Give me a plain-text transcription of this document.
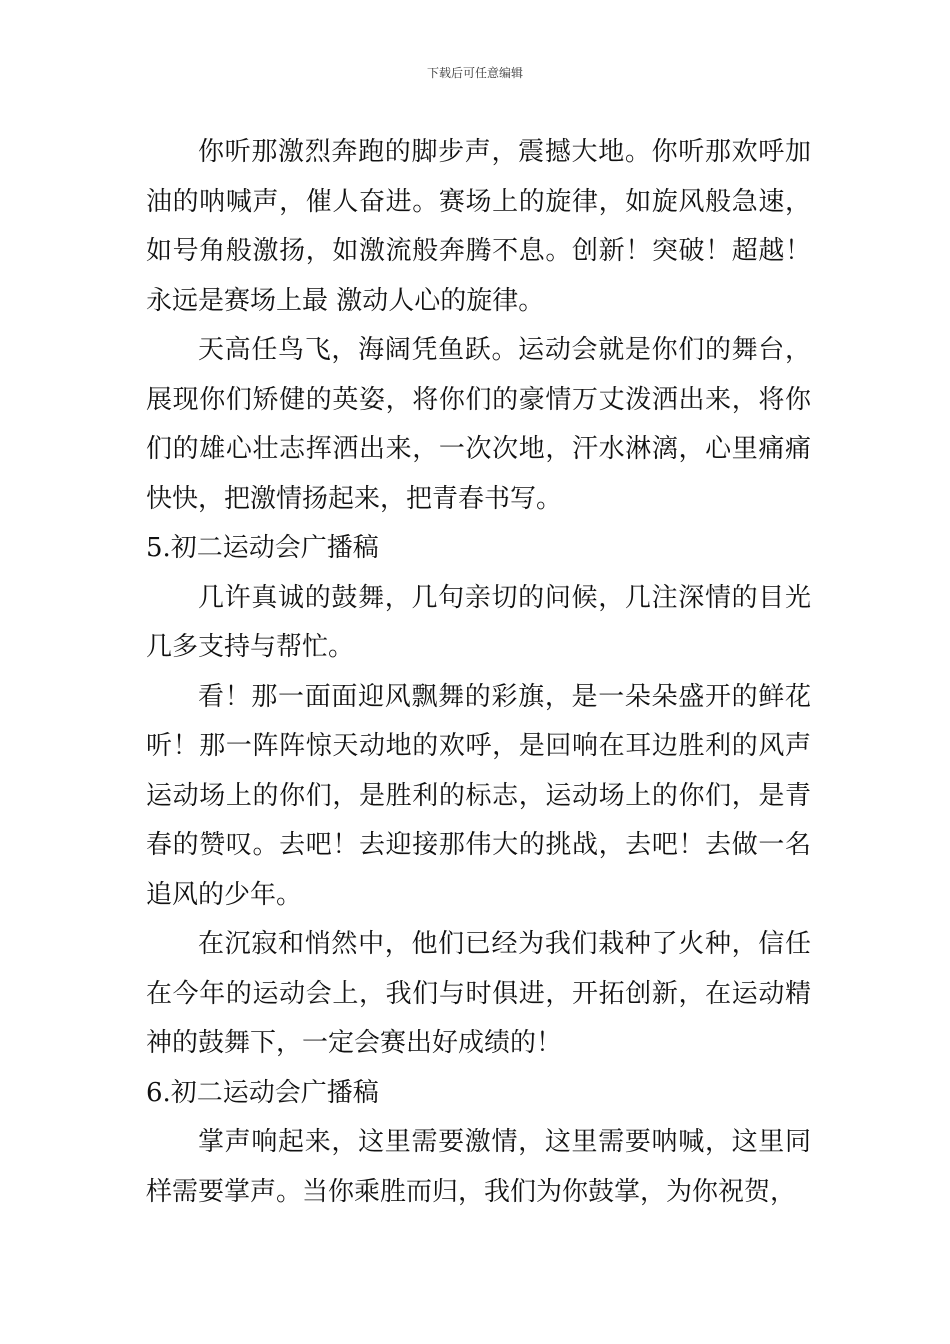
下载后可任意编辑

你听那激烈奔跑的脚步声，震撼大地。你听那欢呼加油的呐喊声，催人奋进。赛场上的旋律，如旋风般急速，如号角般激扬，如激流般奔腾不息。创新！突破！超越！永远是赛场上最 激动人心的旋律。

天高任鸟飞，海阔凭鱼跃。运动会就是你们的舞台，展现你们矫健的英姿，将你们的豪情万丈泼洒出来，将你们的雄心壮志挥洒出来，一次次地，汗水淋漓，心里痛痛快快，把激情扬起来，把青春书写。

5.初二运动会广播稿

几许真诚的鼓舞，几句亲切的问候，几注深情的目光几多支持与帮忙。

看！那一面面迎风飘舞的彩旗，是一朵朵盛开的鲜花听！那一阵阵惊天动地的欢呼，是回响在耳边胜利的风声运动场上的你们，是胜利的标志，运动场上的你们，是青春的赞叹。去吧！去迎接那伟大的挑战，去吧！去做一名追风的少年。

在沉寂和悄然中，他们已经为我们栽种了火种，信任在今年的运动会上，我们与时俱进，开拓创新，在运动精神的鼓舞下，一定会赛出好成绩的！

6.初二运动会广播稿

掌声响起来，这里需要激情，这里需要呐喊，这里同样需要掌声。当你乘胜而归，我们为你鼓掌，为你祝贺，
